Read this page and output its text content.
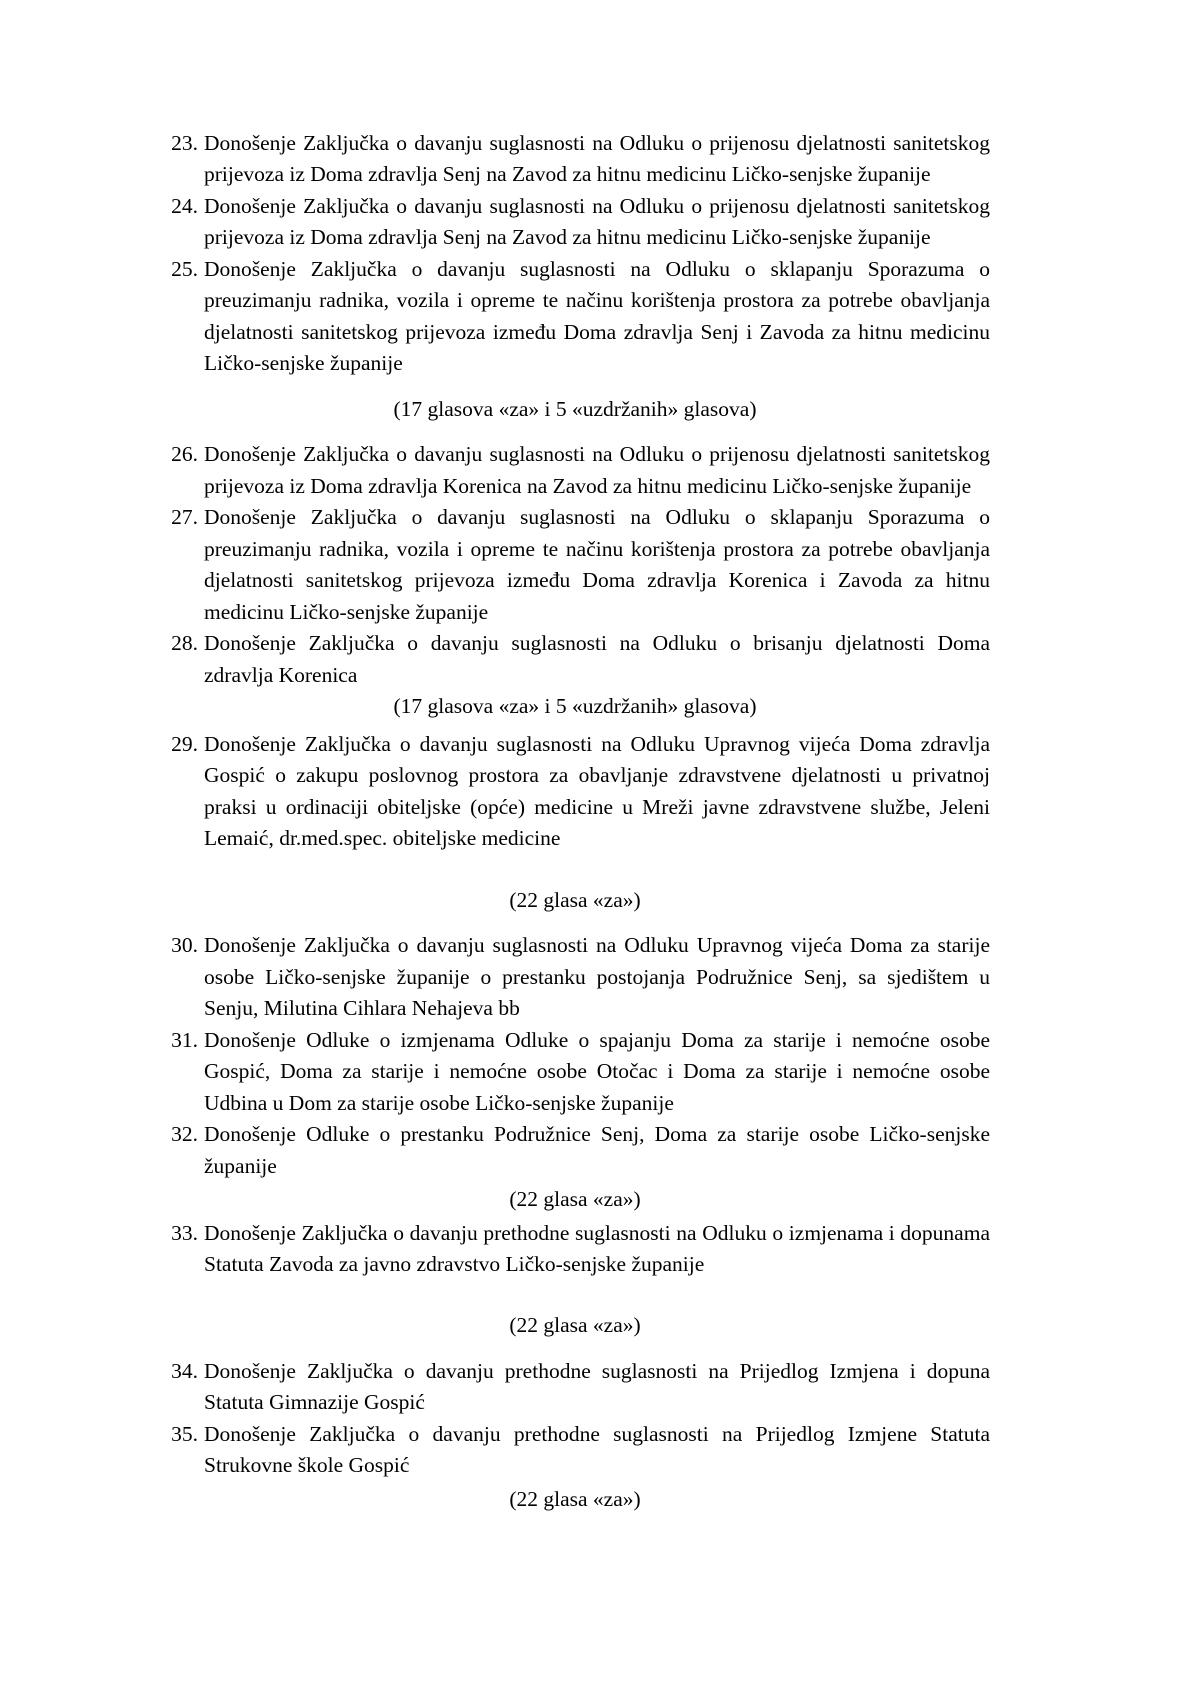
23. Donošenje Zaključka o davanju suglasnosti na Odluku o prijenosu djelatnosti sanitetskog prijevoza iz Doma zdravlja Senj na Zavod za hitnu medicinu Ličko-senjske županije
24. Donošenje Zaključka o davanju suglasnosti na Odluku o prijenosu djelatnosti sanitetskog prijevoza iz Doma zdravlja Senj na Zavod za hitnu medicinu Ličko-senjske županije
25. Donošenje Zaključka o davanju suglasnosti na Odluku o sklapanju Sporazuma o preuzimanju radnika, vozila i opreme te načinu korištenja prostora za potrebe obavljanja djelatnosti sanitetskog prijevoza između Doma zdravlja Senj i Zavoda za hitnu medicinu Ličko-senjske županije

(17 glasova «za» i 5 «uzdržanih» glasova)

26. Donošenje Zaključka o davanju suglasnosti na Odluku o prijenosu djelatnosti sanitetskog prijevoza iz Doma zdravlja Korenica na Zavod za hitnu medicinu Ličko-senjske županije
27. Donošenje Zaključka o davanju suglasnosti na Odluku o sklapanju Sporazuma o preuzimanju radnika, vozila i opreme te načinu korištenja prostora za potrebe obavljanja djelatnosti sanitetskog prijevoza između Doma zdravlja Korenica i Zavoda za hitnu medicinu Ličko-senjske županije
28. Donošenje Zaključka o davanju suglasnosti na Odluku o brisanju djelatnosti Doma zdravlja Korenica

(17 glasova «za» i 5 «uzdržanih» glasova)

29. Donošenje Zaključka o davanju suglasnosti na Odluku Upravnog vijeća Doma zdravlja Gospić o zakupu poslovnog prostora za obavljanje zdravstvene djelatnosti u privatnoj praksi u ordinaciji obiteljske (opće) medicine u Mreži javne zdravstvene službe, Jeleni Lemaić, dr.med.spec. obiteljske medicine

(22 glasa «za»)

30. Donošenje Zaključka o davanju suglasnosti na Odluku Upravnog vijeća Doma za starije osobe Ličko-senjske županije o prestanku postojanja Podružnice Senj, sa sjedištem u Senju, Milutina Cihlara Nehajeva bb
31. Donošenje Odluke o izmjenama Odluke o spajanju Doma za starije i nemoćne osobe Gospić, Doma za starije i nemoćne osobe Otočac i Doma za starije i nemoćne osobe Udbina u Dom za starije osobe Ličko-senjske županije
32. Donošenje Odluke o prestanku Podružnice Senj, Doma za starije osobe Ličko-senjske županije

(22 glasa «za»)

33. Donošenje Zaključka o davanju prethodne suglasnosti na Odluku o izmjenama i dopunama Statuta Zavoda za javno zdravstvo Ličko-senjske županije

(22 glasa «za»)

34. Donošenje Zaključka o davanju prethodne suglasnosti na Prijedlog Izmjena i dopuna Statuta Gimnazije Gospić
35. Donošenje Zaključka o davanju prethodne suglasnosti na Prijedlog Izmjene Statuta Strukovne škole Gospić

(22 glasa «za»)
